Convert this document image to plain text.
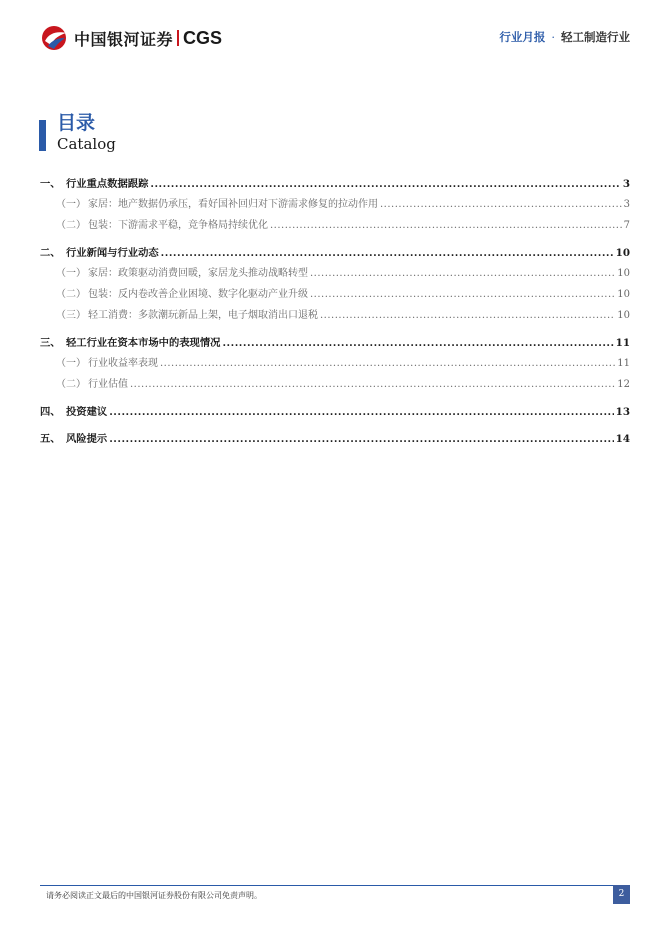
中国银河证券 CGS	行业月报 · 轻工制造行业
目录
Catalog
一、 行业重点数据跟踪 .....	3
（一） 家居：地产数据仍承压，看好国补回归对下游需求修复的拉动作用 .....	3
（二） 包装：下游需求平稳，竞争格局持续优化 .....	7
二、 行业新闻与行业动态 .....	10
（一） 家居：政策驱动消费回暖，家居龙头推动战略转型 .....	10
（二） 包装：反内卷改善企业困境、数字化驱动产业升级 .....	10
（三） 轻工消费：多款潮玩新品上架，电子烟取消出口退税 .....	10
三、 轻工行业在资本市场中的表现情况 .....	11
（一） 行业收益率表现 .....	11
（二） 行业估值 .....	12
四、 投资建议 .....	13
五、 风险提示 .....	14
请务必阅读正文最后的中国银河证券股份有限公司免责声明。	2
